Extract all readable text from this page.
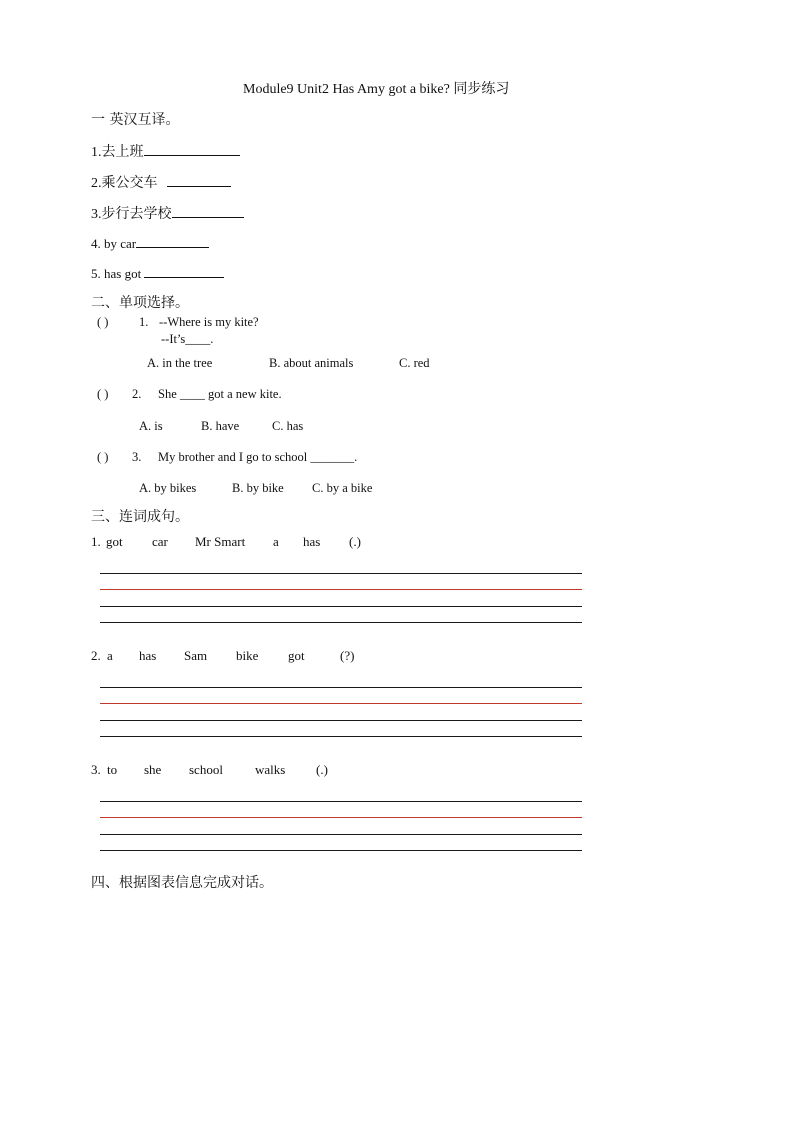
Module9 Unit2 Has Amy got a bike? 同步练习
一 英汉互译。
1.去上班
2.乘公交车
3.步行去学校
4. by car
5. has got
二、单项选择。
( ) 1. --Where is my kite?
--It’s____.
A. in the tree	B. about animals	C. red
( ) 2. She ____ got a new kite.
A. is	B. have	C. has
( ) 3. My brother and I go to school _______.
A. by bikes	B. by bike C. by a bike
三、连词成句。
1. got car Mr Smart a has (.)
2. a has Sam bike got	(?)
3. to she school walks (.)
四、根据图表信息完成对话。
